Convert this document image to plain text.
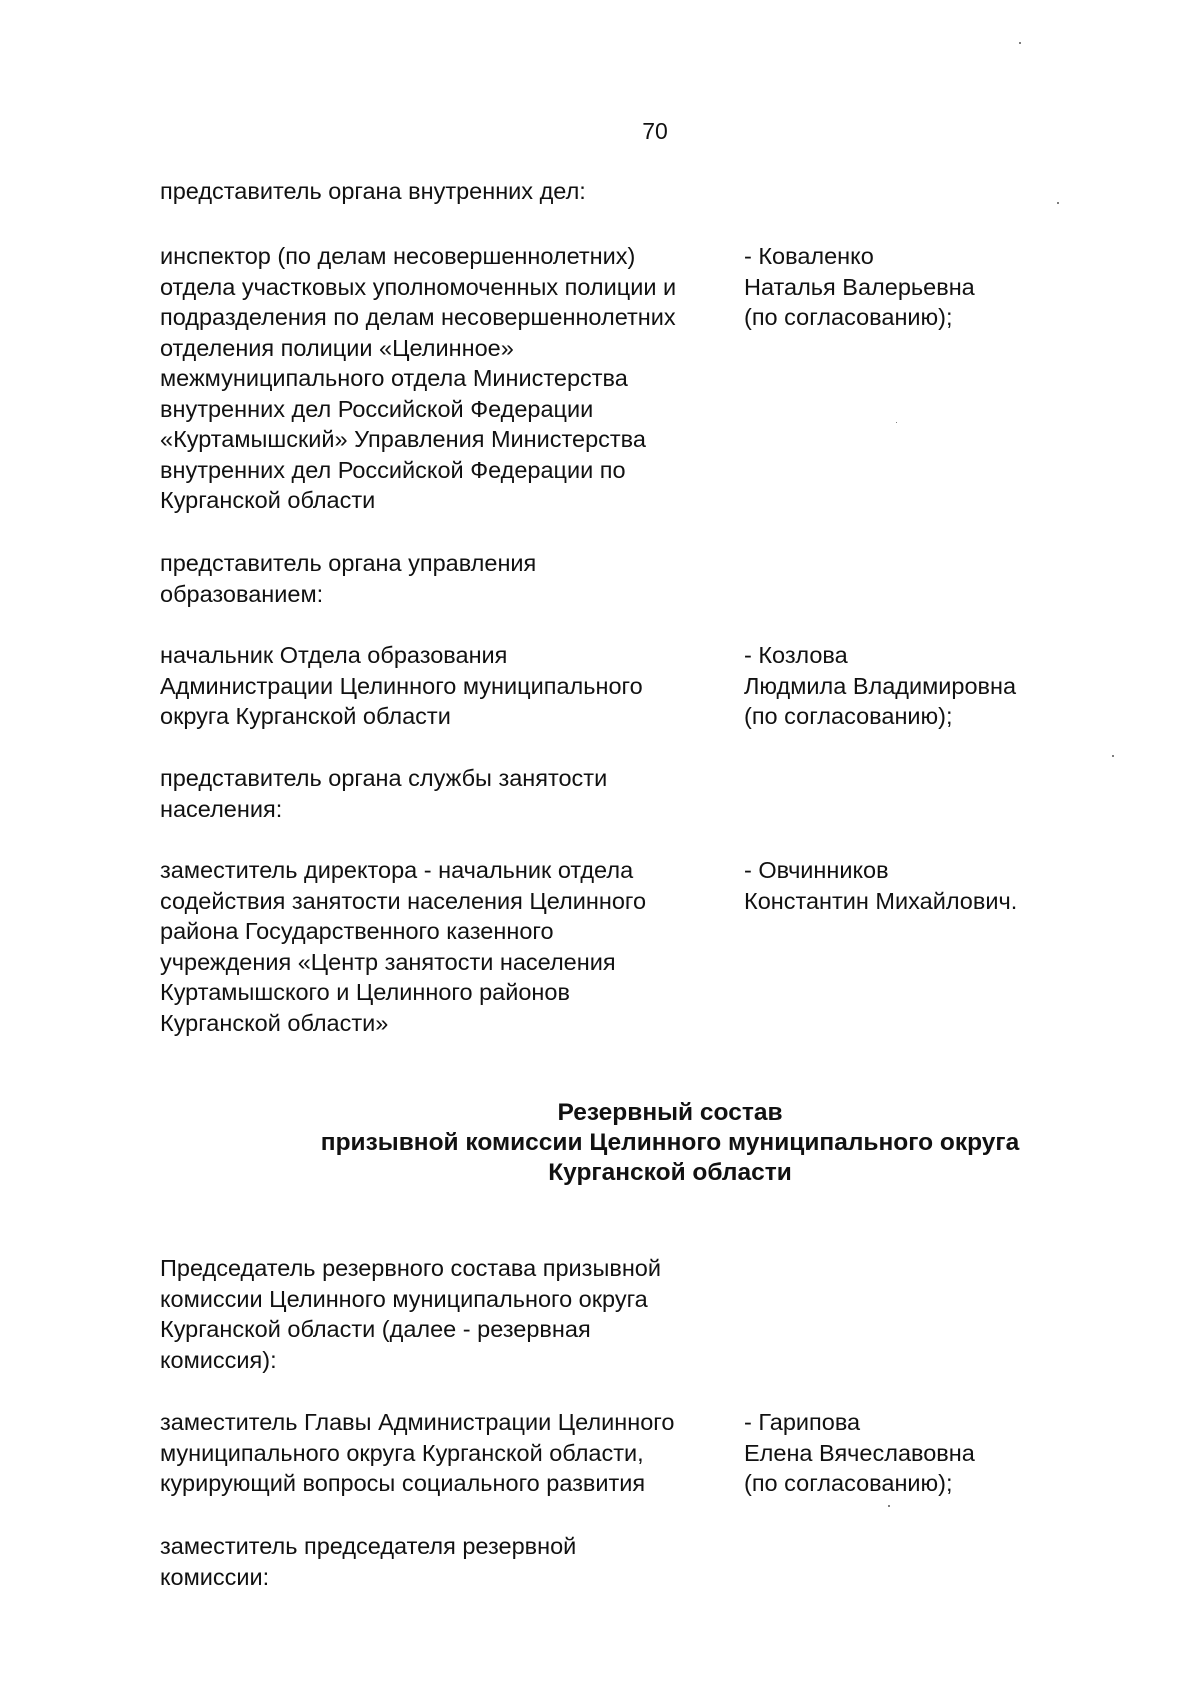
70
представитель органа внутренних дел:
инспектор (по делам несовершеннолетних)
отдела участковых уполномоченных полиции и
подразделения по делам несовершеннолетних
отделения полиции «Целинное»
межмуниципального отдела Министерства
внутренних дел Российской Федерации
«Куртамышский» Управления Министерства
внутренних дел Российской Федерации по
Курганской области
- Коваленко
Наталья Валерьевна
(по согласованию);
представитель органа управления
образованием:
начальник Отдела образования
Администрации Целинного муниципального
округа Курганской области
- Козлова
Людмила Владимировна
(по согласованию);
представитель органа службы занятости
населения:
заместитель директора - начальник отдела
содействия занятости населения Целинного
района Государственного казенного
учреждения «Центр занятости населения
Куртамышского и Целинного районов
Курганской области»
- Овчинников
Константин Михайлович.
Резервный состав
призывной комиссии Целинного муниципального округа
Курганской области
Председатель резервного состава призывной
комиссии Целинного муниципального округа
Курганской области (далее - резервная
комиссия):
заместитель Главы Администрации Целинного
муниципального округа Курганской области,
курирующий вопросы социального развития
- Гарипова
Елена Вячеславовна
(по согласованию);
заместитель председателя резервной
комиссии:
